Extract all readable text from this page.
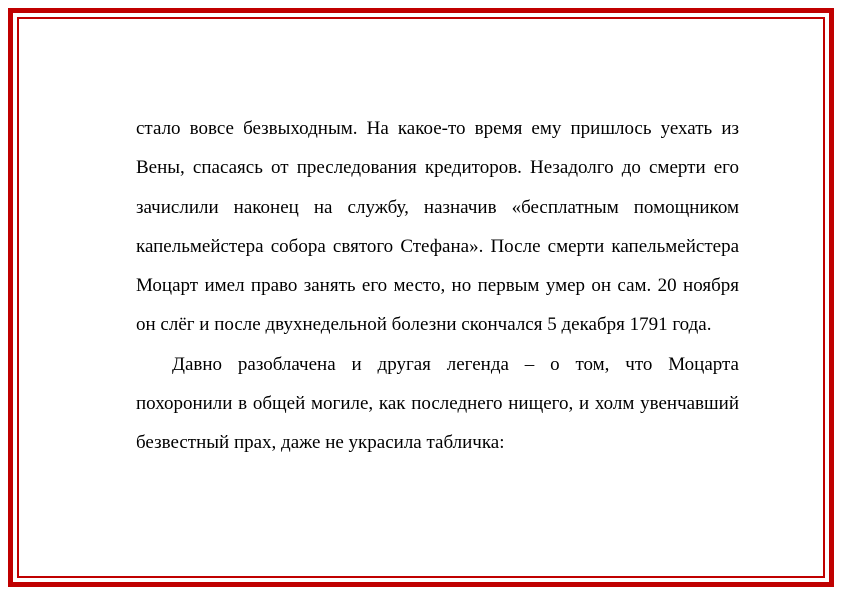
стало вовсе безвыходным. На какое-то время ему пришлось уехать из Вены, спасаясь от преследования кредиторов. Незадолго до смерти его зачислили наконец на службу, назначив «бесплатным помощником капельмейстера собора святого Стефана». После смерти капельмейстера Моцарт имел право занять его место, но первым умер он сам. 20 ноября он слёг и после двухнедельной болезни скончался 5 декабря 1791 года.

Давно разоблачена и другая легенда – о том, что Моцарта похоронили в общей могиле, как последнего нищего, и холм увенчавший безвестный прах, даже не украсила табличка:
